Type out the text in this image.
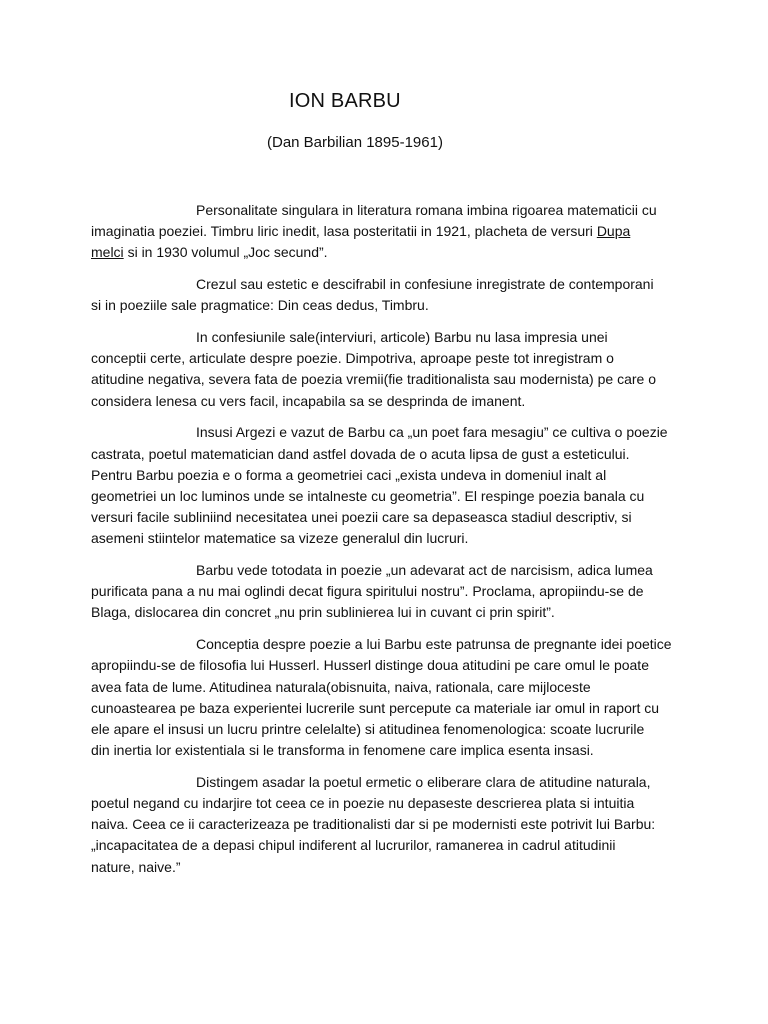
ION BARBU

(Dan Barbilian 1895-1961)

Personalitate singulara in literatura romana imbina rigoarea matematicii cu
imaginatia poeziei. Timbru liric inedit, lasa posteritatii in 1921, placheta de versuri Dupa
melci si in 1930 volumul „Joc secund”.

Crezul sau estetic e descifrabil in confesiune inregistrate de contemporani
si in poeziile sale pragmatice: Din ceas dedus, Timbru.

In confesiunile sale(interviuri, articole) Barbu nu lasa impresia unei
conceptii certe, articulate despre poezie. Dimpotriva, aproape peste tot inregistram o
atitudine negativa, severa fata de poezia vremii(fie traditionalista sau modernista) pe care o
considera lenesa cu vers facil, incapabila sa se desprinda de imanent.

Insusi Argezi e vazut de Barbu ca „un poet fara mesagiu” ce cultiva o poezie
castrata, poetul matematician dand astfel dovada de o acuta lipsa de gust a esteticului.
Pentru Barbu poezia e o forma a geometriei caci „exista undeva in domeniul inalt al
geometriei un loc luminos unde se intalneste cu geometria”. El respinge poezia banala cu
versuri facile subliniind necesitatea unei poezii care sa depaseasca stadiul descriptiv, si
asemeni stiintelor matematice sa vizeze generalul din lucruri.

Barbu vede totodata in poezie „un adevarat act de narcisism, adica lumea
purificata pana a nu mai oglindi decat figura spiritului nostru”. Proclama, apropiindu-se de
Blaga, dislocarea din concret „nu prin sublinierea lui in cuvant ci prin spirit”.

Conceptia despre poezie a lui Barbu este patrunsa de pregnante idei poetice
apropiindu-se de filosofia lui Husserl. Husserl distinge doua atitudini pe care omul le poate
avea fata de lume. Atitudinea naturala(obisnuita, naiva, rationala, care mijloceste
cunoastearea pe baza experientei lucrerile sunt percepute ca materiale iar omul in raport cu
ele apare el insusi un lucru printre celelalte) si atitudinea fenomenologica: scoate lucrurile
din inertia lor existentiala si le transforma in fenomene care implica esenta insasi.

Distingem asadar la poetul ermetic o eliberare clara de atitudine naturala,
poetul negand cu indarjire tot ceea ce in poezie nu depaseste descrierea plata si intuitia
naiva. Ceea ce ii caracterizeaza pe traditionalisti dar si pe modernisti este potrivit lui Barbu:
„incapacitatea de a depasi chipul indiferent al lucrurilor, ramanerea in cadrul atitudinii
nature, naive.”
